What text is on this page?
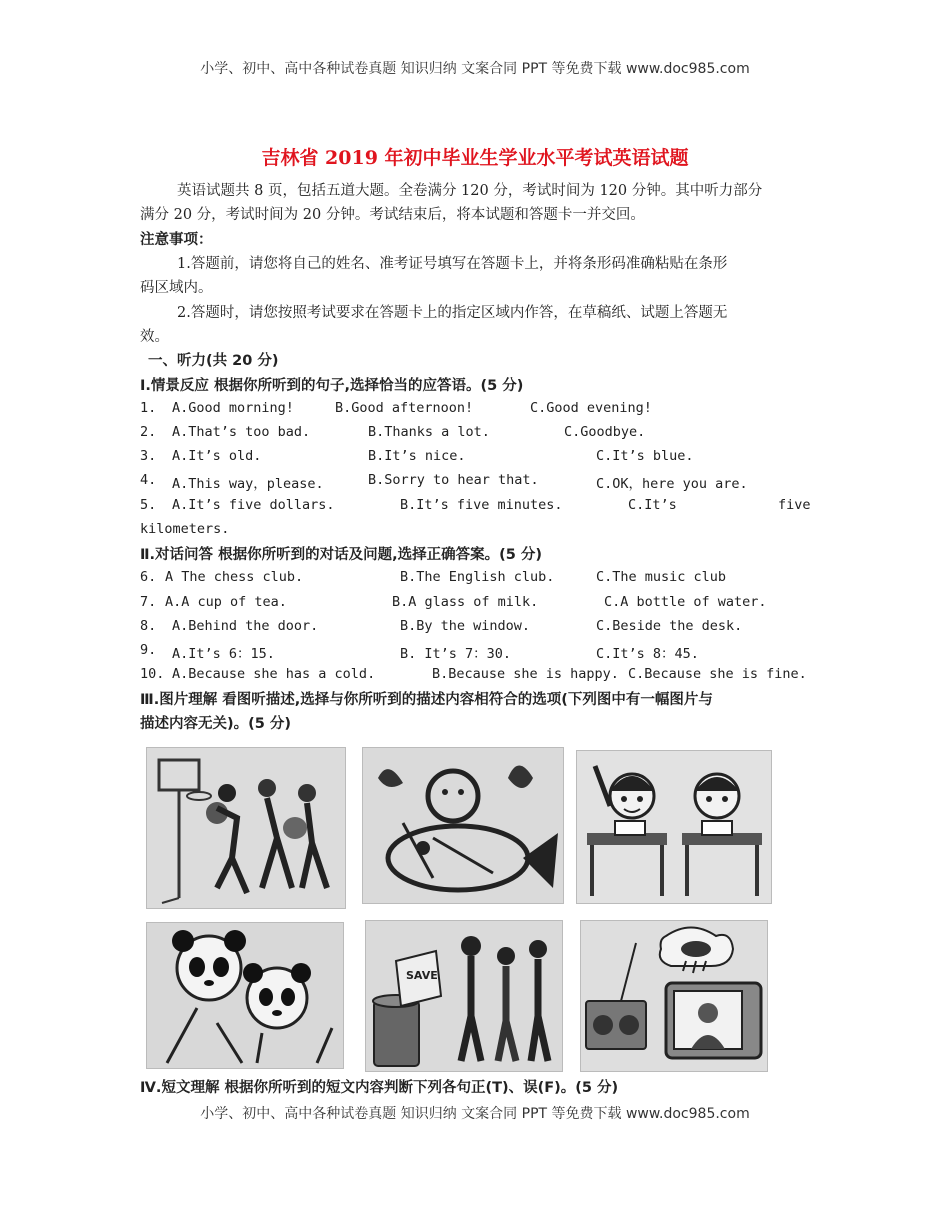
小学、初中、高中各种试卷真题 知识归纳 文案合同 PPT 等免费下载 www.doc985.com
吉林省 2019 年初中毕业生学业水平考试英语试题
英语试题共 8 页，包括五道大题。全卷满分 120 分，考试时间为 120 分钟。其中听力部分
满分 20 分，考试时间为 20 分钟。考试结束后，将本试题和答题卡一并交回。
注意事项：
1.答题前，请您将自己的姓名、准考证号填写在答题卡上，并将条形码准确粘贴在条形
码区域内。
2.答题时，请您按照考试要求在答题卡上的指定区域内作答，在草稿纸、试题上答题无
效。
一、听力(共 20 分)
Ⅰ.情景反应 根据你所听到的句子,选择恰当的应答语。(5 分)
1. A.Good morning!	B.Good afternoon!	C.Good evening!
2. A.That’s too bad.	B.Thanks a lot.	C.Goodbye.
3. A.It’s old.	B.It’s nice.	C.It’s blue.
4. A.This way，please.	B.Sorry to hear that.	C.OK，here you are.
5. A.It’s five dollars.	B.It’s five minutes.	C.It’s	five
kilometers.
Ⅱ.对话问答 根据你所听到的对话及问题,选择正确答案。(5 分)
6. A The chess club.	B.The English club.	C.The music club
7. A.A cup of tea.	B.A glass of milk.	C.A bottle of water.
8. A.Behind the door.	B.By the window.	C.Beside the desk.
9. A.It’s 6：15.	B. It’s 7：30.	C.It’s 8：45.
10. A.Because she has a cold.	B.Because she is happy. C.Because she is fine.
Ⅲ.图片理解 看图听描述,选择与你所听到的描述内容相符合的选项(下列图中有一幅图片与
描述内容无关)。(5 分)
SAVE
Ⅳ.短文理解 根据你所听到的短文内容判断下列各句正(T)、误(F)。(5 分)
小学、初中、高中各种试卷真题 知识归纳 文案合同 PPT 等免费下载 www.doc985.com
